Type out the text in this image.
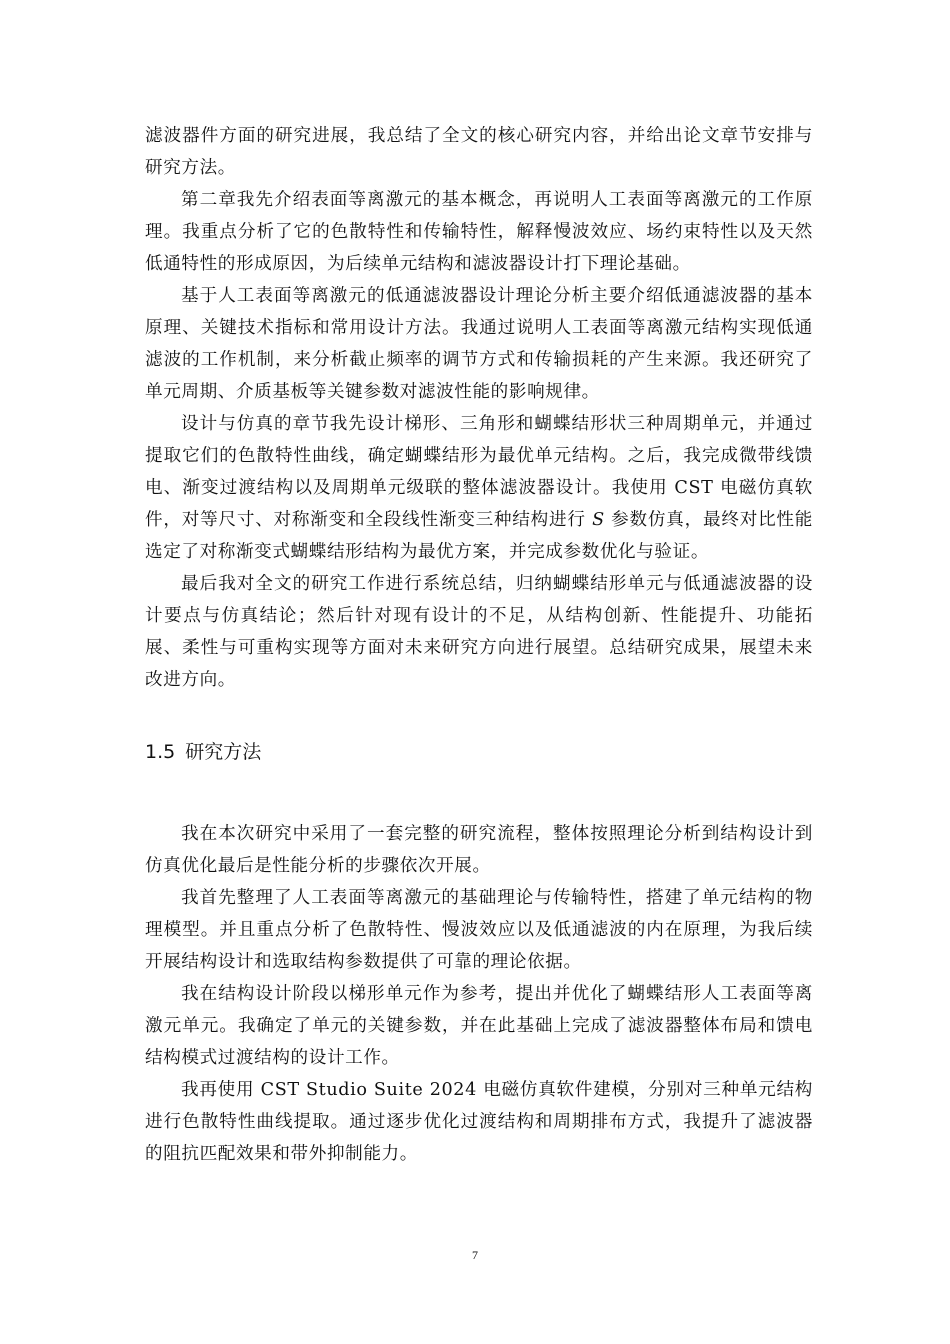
滤波器件方面的研究进展，我总结了全文的核心研究内容，并给出论文章节安排与研究方法。

第二章我先介绍表面等离激元的基本概念，再说明人工表面等离激元的工作原理。我重点分析了它的色散特性和传输特性，解释慢波效应、场约束特性以及天然低通特性的形成原因，为后续单元结构和滤波器设计打下理论基础。

基于人工表面等离激元的低通滤波器设计理论分析主要介绍低通滤波器的基本原理、关键技术指标和常用设计方法。我通过说明人工表面等离激元结构实现低通滤波的工作机制，来分析截止频率的调节方式和传输损耗的产生来源。我还研究了单元周期、介质基板等关键参数对滤波性能的影响规律。

设计与仿真的章节我先设计梯形、三角形和蝴蝶结形状三种周期单元，并通过提取它们的色散特性曲线，确定蝴蝶结形为最优单元结构。之后，我完成微带线馈电、渐变过渡结构以及周期单元级联的整体滤波器设计。我使用 CST 电磁仿真软件，对等尺寸、对称渐变和全段线性渐变三种结构进行 S 参数仿真，最终对比性能选定了对称渐变式蝴蝶结形结构为最优方案，并完成参数优化与验证。

最后我对全文的研究工作进行系统总结，归纳蝴蝶结形单元与低通滤波器的设计要点与仿真结论；然后针对现有设计的不足，从结构创新、性能提升、功能拓展、柔性与可重构实现等方面对未来研究方向进行展望。总结研究成果，展望未来改进方向。

1.5 研究方法

我在本次研究中采用了一套完整的研究流程，整体按照理论分析到结构设计到仿真优化最后是性能分析的步骤依次开展。

我首先整理了人工表面等离激元的基础理论与传输特性，搭建了单元结构的物理模型。并且重点分析了色散特性、慢波效应以及低通滤波的内在原理，为我后续开展结构设计和选取结构参数提供了可靠的理论依据。

我在结构设计阶段以梯形单元作为参考，提出并优化了蝴蝶结形人工表面等离激元单元。我确定了单元的关键参数，并在此基础上完成了滤波器整体布局和馈电结构模式过渡结构的设计工作。

我再使用 CST Studio Suite 2024 电磁仿真软件建模，分别对三种单元结构进行色散特性曲线提取。通过逐步优化过渡结构和周期排布方式，我提升了滤波器的阻抗匹配效果和带外抑制能力。

7
